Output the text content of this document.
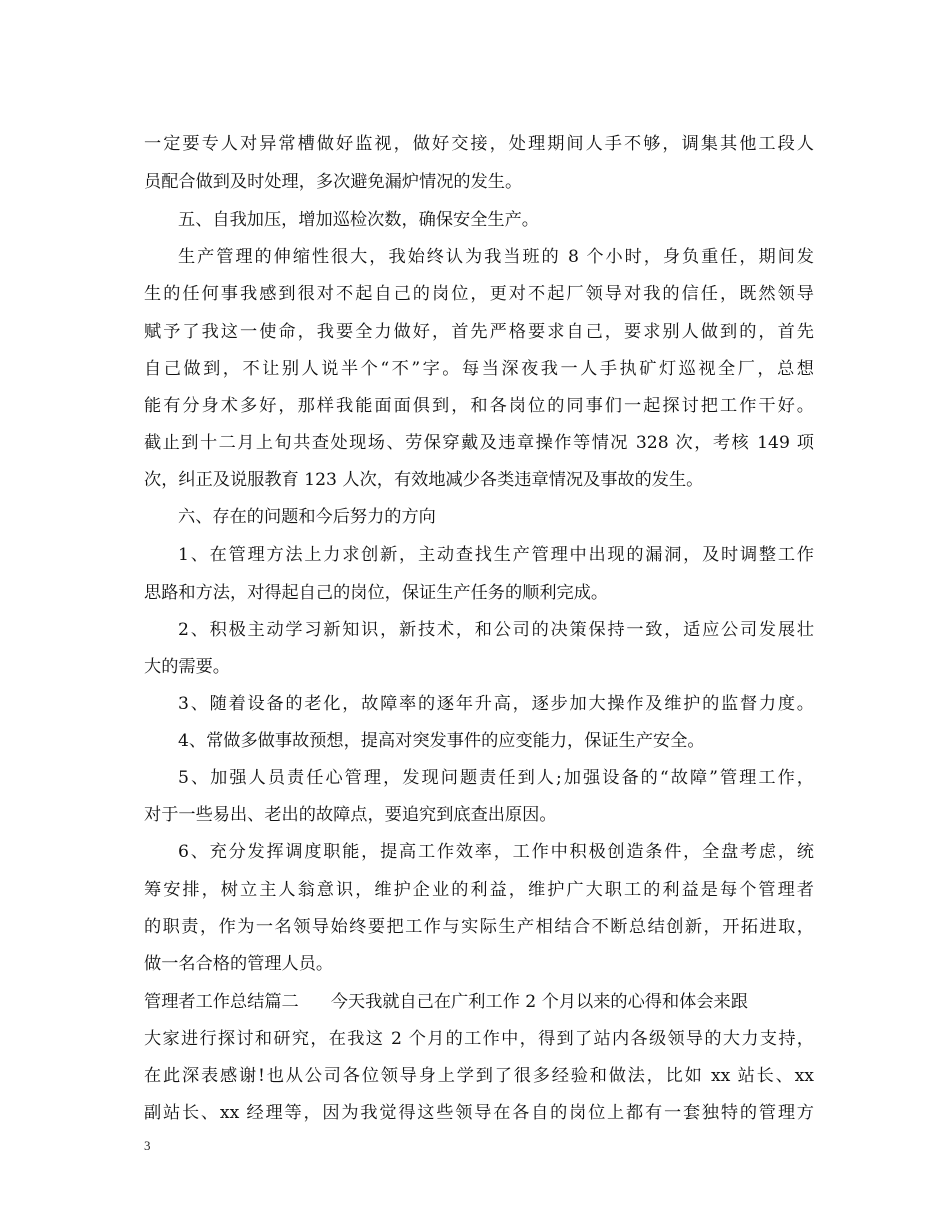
一定要专人对异常槽做好监视，做好交接，处理期间人手不够，调集其他工段人
员配合做到及时处理，多次避免漏炉情况的发生。
五、自我加压，增加巡检次数，确保安全生产。
生产管理的伸缩性很大，我始终认为我当班的 8 个小时，身负重任，期间发
生的任何事我感到很对不起自己的岗位，更对不起厂领导对我的信任，既然领导
赋予了我这一使命，我要全力做好，首先严格要求自己，要求别人做到的，首先
自己做到，不让别人说半个“不”字。每当深夜我一人手执矿灯巡视全厂，总想
能有分身术多好，那样我能面面俱到，和各岗位的同事们一起探讨把工作干好。
截止到十二月上旬共查处现场、劳保穿戴及违章操作等情况 328 次，考核 149 项
次，纠正及说服教育 123 人次，有效地减少各类违章情况及事故的发生。
六、存在的问题和今后努力的方向
1、在管理方法上力求创新，主动查找生产管理中出现的漏洞，及时调整工作
思路和方法，对得起自己的岗位，保证生产任务的顺利完成。
2、积极主动学习新知识，新技术，和公司的决策保持一致，适应公司发展壮
大的需要。
3、随着设备的老化，故障率的逐年升高，逐步加大操作及维护的监督力度。
4、常做多做事故预想，提高对突发事件的应变能力，保证生产安全。
5、加强人员责任心管理，发现问题责任到人;加强设备的“故障”管理工作，
对于一些易出、老出的故障点，要追究到底查出原因。
6、充分发挥调度职能，提高工作效率，工作中积极创造条件，全盘考虑，统
筹安排，树立主人翁意识，维护企业的利益，维护广大职工的利益是每个管理者
的职责，作为一名领导始终要把工作与实际生产相结合不断总结创新，开拓进取，
做一名合格的管理人员。
管理者工作总结篇二 今天我就自己在广利工作 2 个月以来的心得和体会来跟
大家进行探讨和研究，在我这 2 个月的工作中，得到了站内各级领导的大力支持，
在此深表感谢!也从公司各位领导身上学到了很多经验和做法，比如 xx 站长、xx
副站长、xx 经理等，因为我觉得这些领导在各自的岗位上都有一套独特的管理方
3
